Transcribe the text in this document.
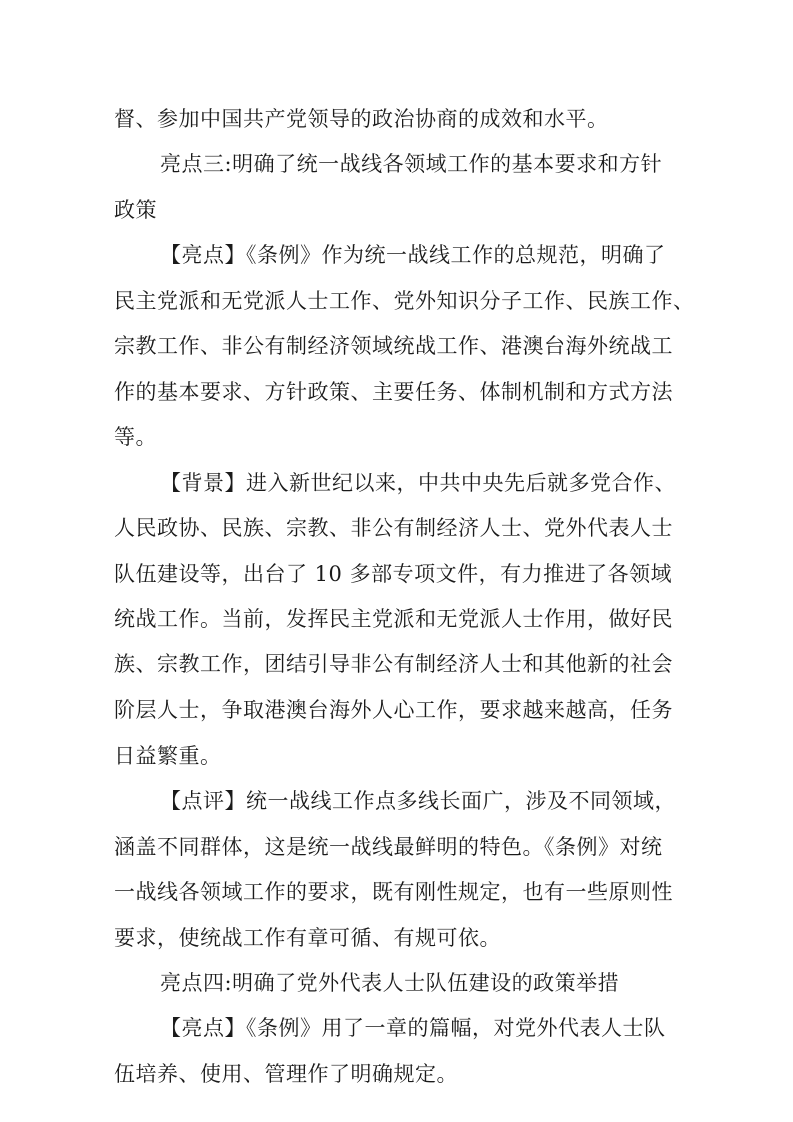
督、参加中国共产党领导的政治协商的成效和水平。
亮点三:明确了统一战线各领域工作的基本要求和方针
政策
【亮点】《条例》作为统一战线工作的总规范，明确了
民主党派和无党派人士工作、党外知识分子工作、民族工作、
宗教工作、非公有制经济领域统战工作、港澳台海外统战工
作的基本要求、方针政策、主要任务、体制机制和方式方法
等。
【背景】进入新世纪以来，中共中央先后就多党合作、
人民政协、民族、宗教、非公有制经济人士、党外代表人士
队伍建设等，出台了 10 多部专项文件，有力推进了各领域
统战工作。当前，发挥民主党派和无党派人士作用，做好民
族、宗教工作，团结引导非公有制经济人士和其他新的社会
阶层人士，争取港澳台海外人心工作，要求越来越高，任务
日益繁重。
【点评】统一战线工作点多线长面广，涉及不同领域，
涵盖不同群体，这是统一战线最鲜明的特色。《条例》对统
一战线各领域工作的要求，既有刚性规定，也有一些原则性
要求，使统战工作有章可循、有规可依。
亮点四:明确了党外代表人士队伍建设的政策举措
【亮点】《条例》用了一章的篇幅，对党外代表人士队
伍培养、使用、管理作了明确规定。
